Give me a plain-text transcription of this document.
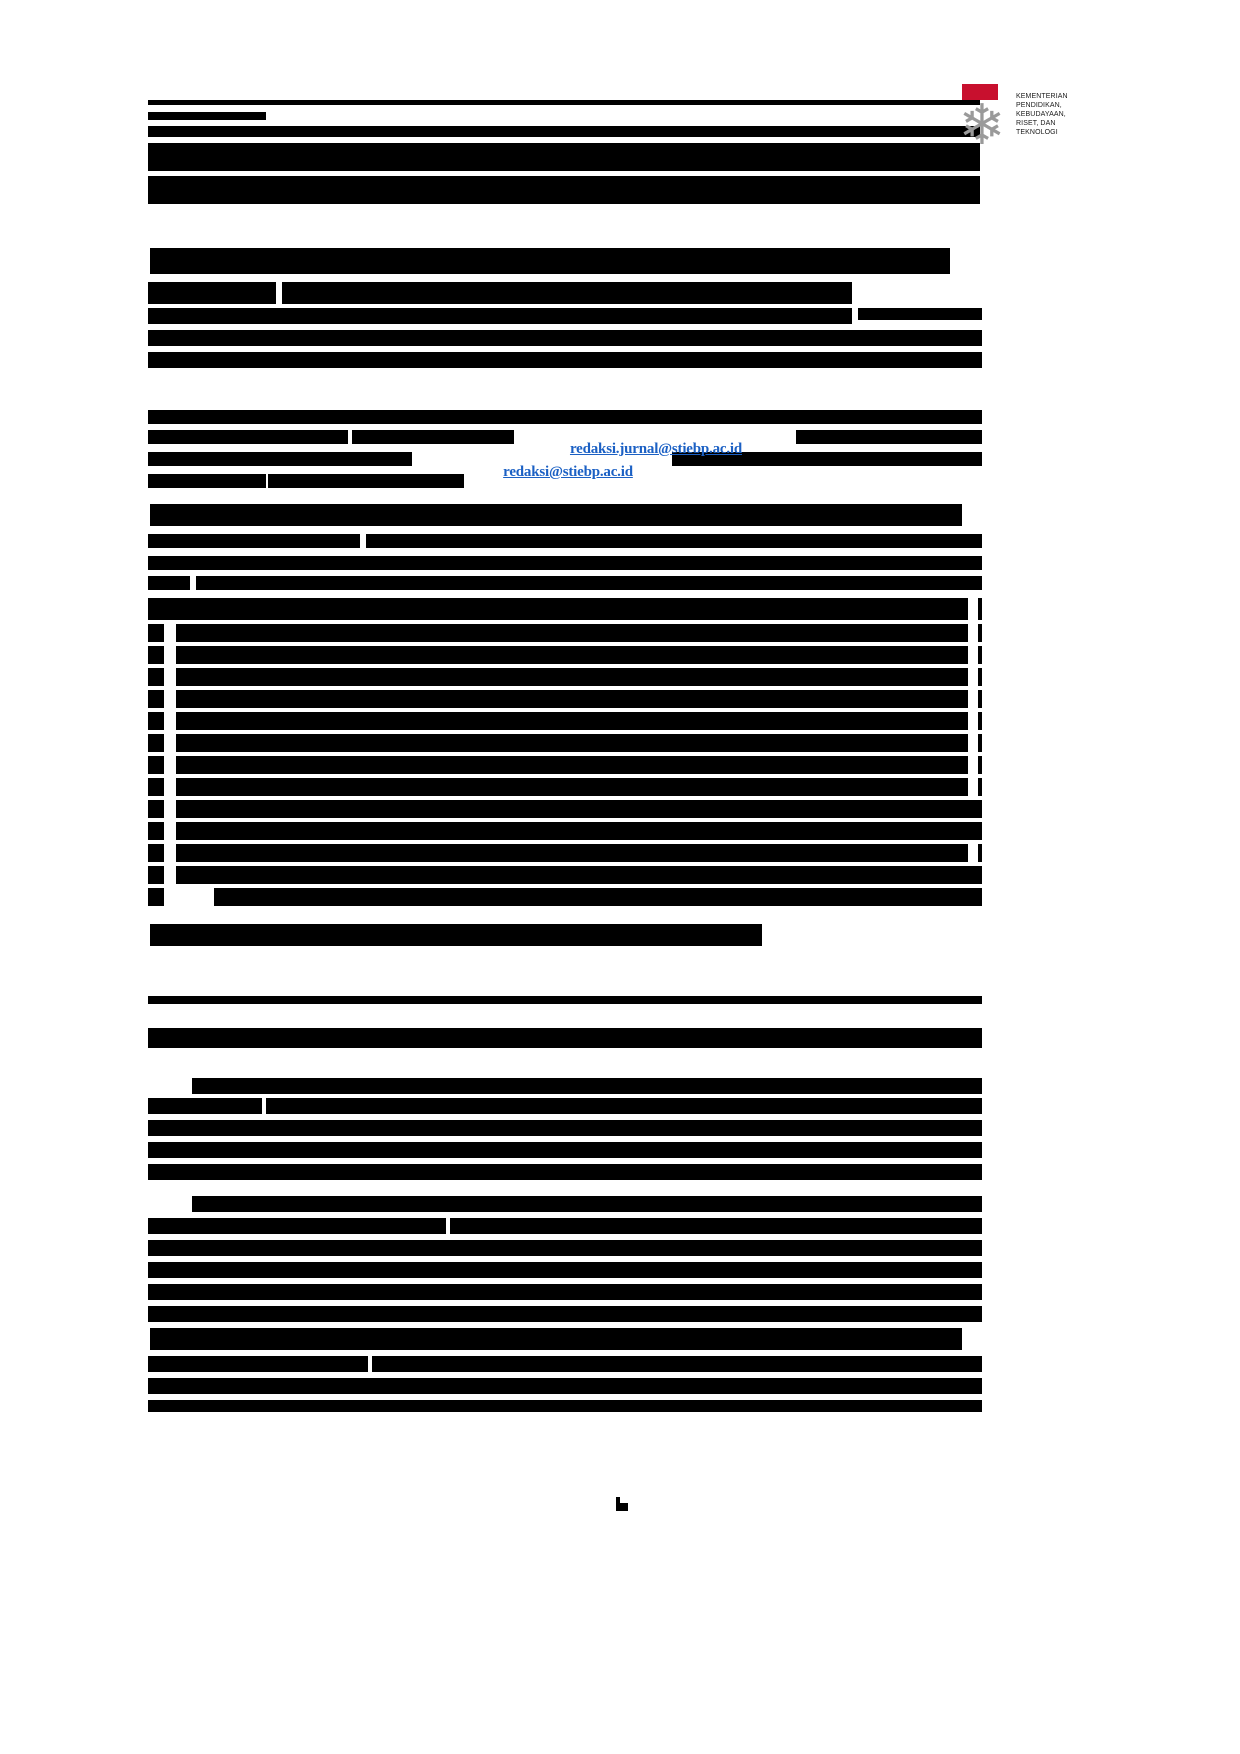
❄	KEMENTERIAN
PENDIDIKAN,
KEBUDAYAAN,
RISET, DAN
TEKNOLOGI
redaksi.jurnal@stiebp.ac.id
redaksi@stiebp.ac.id
